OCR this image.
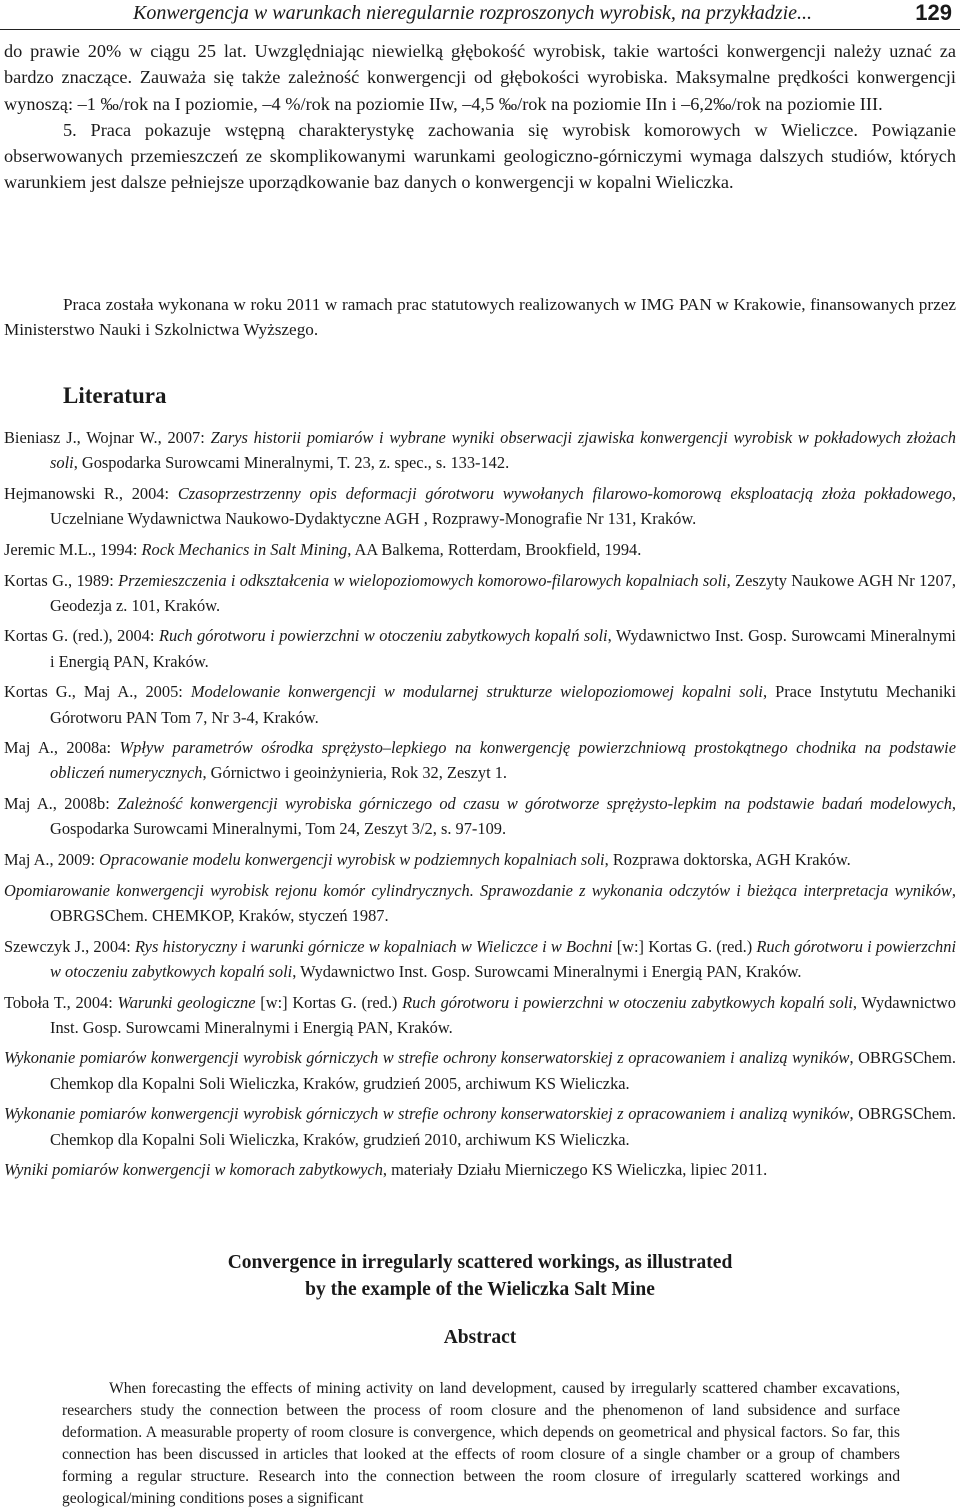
Konwergencja w warunkach nieregularnie rozproszonych wyrobisk, na przykładzie...	129

do prawie 20% w ciągu 25 lat. Uwzględniając niewielką głębokość wyrobisk, takie wartości konwergencji należy uznać za bardzo znaczące. Zauważa się także zależność konwergencji od głębokości wyrobiska. Maksymalne prędkości konwergencji wynoszą: –1 ‰/rok na I poziomie, –4 %/rok na poziomie IIw, –4,5 ‰/rok na poziomie IIn i –6,2‰/rok na poziomie III.

5. Praca pokazuje wstępną charakterystykę zachowania się wyrobisk komorowych w Wieliczce. Powiązanie obserwowanych przemieszczeń ze skomplikowanymi warunkami geologiczno-górniczymi wymaga dalszych studiów, których warunkiem jest dalsze pełniejsze uporządkowanie baz danych o konwergencji w kopalni Wieliczka.

Praca została wykonana w roku 2011 w ramach prac statutowych realizowanych w IMG PAN w Krakowie, finansowanych przez Ministerstwo Nauki i Szkolnictwa Wyższego.

Literatura
Bieniasz J., Wojnar W., 2007: Zarys historii pomiarów i wybrane wyniki obserwacji zjawiska konwergencji wyrobisk w pokładowych złożach soli, Gospodarka Surowcami Mineralnymi, T. 23, z. spec., s. 133-142.
Hejmanowski R., 2004: Czasoprzestrzenny opis deformacji górotworu wywołanych filarowo-komorową eksploatacją złoża pokładowego, Uczelniane Wydawnictwa Naukowo-Dydaktyczne AGH , Rozprawy-Monografie Nr 131, Kraków.
Jeremic M.L., 1994: Rock Mechanics in Salt Mining, AA Balkema, Rotterdam, Brookfield, 1994.
Kortas G., 1989: Przemieszczenia i odkształcenia w wielopoziomowych komorowo-filarowych kopalniach soli, Zeszyty Naukowe AGH Nr 1207, Geodezja z. 101, Kraków.
Kortas G. (red.), 2004: Ruch górotworu i powierzchni w otoczeniu zabytkowych kopalń soli, Wydawnictwo Inst. Gosp. Surowcami Mineralnymi i Energią PAN, Kraków.
Kortas G., Maj A., 2005: Modelowanie konwergencji w modularnej strukturze wielopoziomowej kopalni soli, Prace Instytutu Mechaniki Górotworu PAN Tom 7, Nr 3-4, Kraków.
Maj A., 2008a: Wpływ parametrów ośrodka sprężysto–lepkiego na konwergencję powierzchniową prostokątnego chodnika na podstawie obliczeń numerycznych, Górnictwo i geoinżynieria, Rok 32, Zeszyt 1.
Maj A., 2008b: Zależność konwergencji wyrobiska górniczego od czasu w górotworze sprężysto-lepkim na podstawie badań modelowych, Gospodarka Surowcami Mineralnymi, Tom 24, Zeszyt 3/2, s. 97-109.
Maj A., 2009: Opracowanie modelu konwergencji wyrobisk w podziemnych kopalniach soli, Rozprawa doktorska, AGH Kraków.
Opomiarowanie konwergencji wyrobisk rejonu komór cylindrycznych. Sprawozdanie z wykonania odczytów i bieżąca interpretacja wyników, OBRGSChem. CHEMKOP, Kraków, styczeń 1987.
Szewczyk J., 2004: Rys historyczny i warunki górnicze w kopalniach w Wieliczce i w Bochni [w:] Kortas G. (red.) Ruch górotworu i powierzchni w otoczeniu zabytkowych kopalń soli, Wydawnictwo Inst. Gosp. Surowcami Mineralnymi i Energią PAN, Kraków.
Toboła T., 2004: Warunki geologiczne [w:] Kortas G. (red.) Ruch górotworu i powierzchni w otoczeniu zabytkowych kopalń soli, Wydawnictwo Inst. Gosp. Surowcami Mineralnymi i Energią PAN, Kraków.
Wykonanie pomiarów konwergencji wyrobisk górniczych w strefie ochrony konserwatorskiej z opracowaniem i analizą wyników, OBRGSChem. Chemkop dla Kopalni Soli Wieliczka, Kraków, grudzień 2005, archiwum KS Wieliczka.
Wykonanie pomiarów konwergencji wyrobisk górniczych w strefie ochrony konserwatorskiej z opracowaniem i analizą wyników, OBRGSChem. Chemkop dla Kopalni Soli Wieliczka, Kraków, grudzień 2010, archiwum KS Wieliczka.
Wyniki pomiarów konwergencji w komorach zabytkowych, materiały Działu Mierniczego KS Wieliczka, lipiec 2011.
Convergence in irregularly scattered workings, as illustrated
by the example of the Wieliczka Salt Mine
Abstract

When forecasting the effects of mining activity on land development, caused by irregularly scattered chamber excavations, researchers study the connection between the process of room closure and the phenomenon of land subsidence and surface deformation. A measurable property of room closure is convergence, which depends on geometrical and physical factors. So far, this connection has been discussed in articles that looked at the effects of room closure of a single chamber or a group of chambers forming a regular structure. Research into the connection between the room closure of irregularly scattered workings and geological/mining conditions poses a significant
